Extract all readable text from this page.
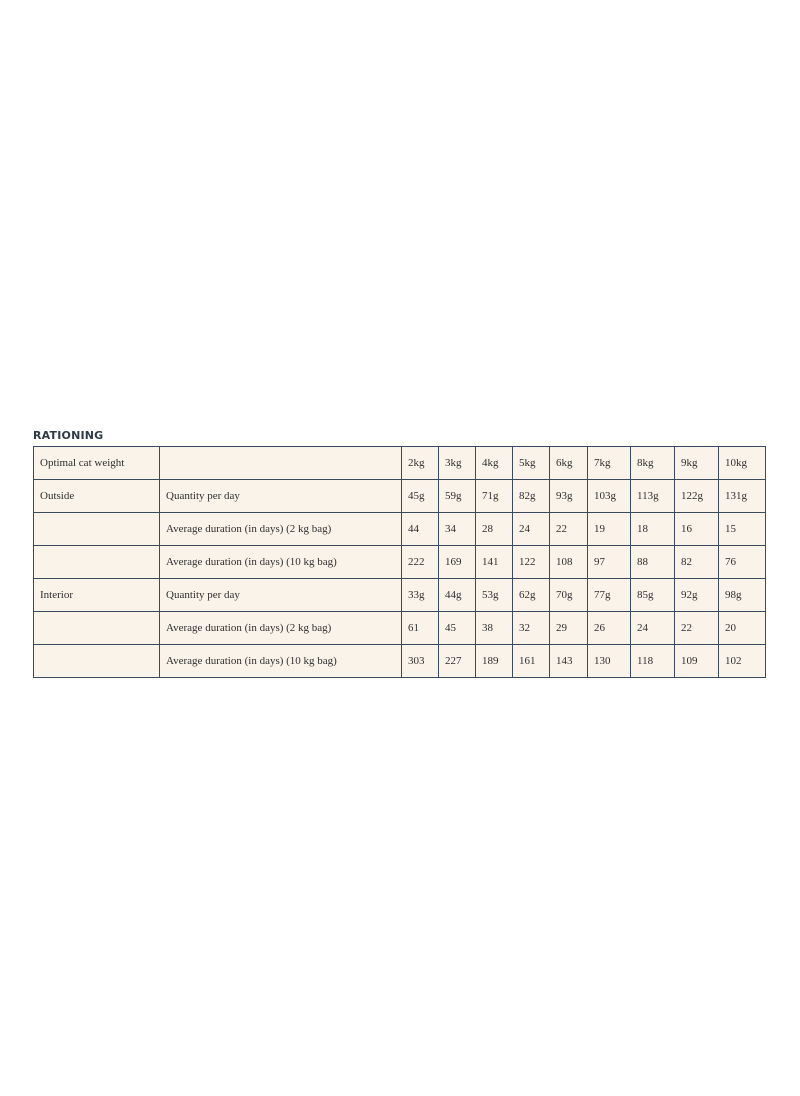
RATIONING
Optimal cat weight		2kg	3kg	4kg	5kg	6kg	7kg	8kg	9kg	10kg
Outside	Quantity per day	45g	59g	71g	82g	93g	103g	113g	122g	131g
	Average duration (in days) (2 kg bag)	44	34	28	24	22	19	18	16	15
	Average duration (in days) (10 kg bag)	222	169	141	122	108	97	88	82	76
Interior	Quantity per day	33g	44g	53g	62g	70g	77g	85g	92g	98g
	Average duration (in days) (2 kg bag)	61	45	38	32	29	26	24	22	20
	Average duration (in days) (10 kg bag)	303	227	189	161	143	130	118	109	102
